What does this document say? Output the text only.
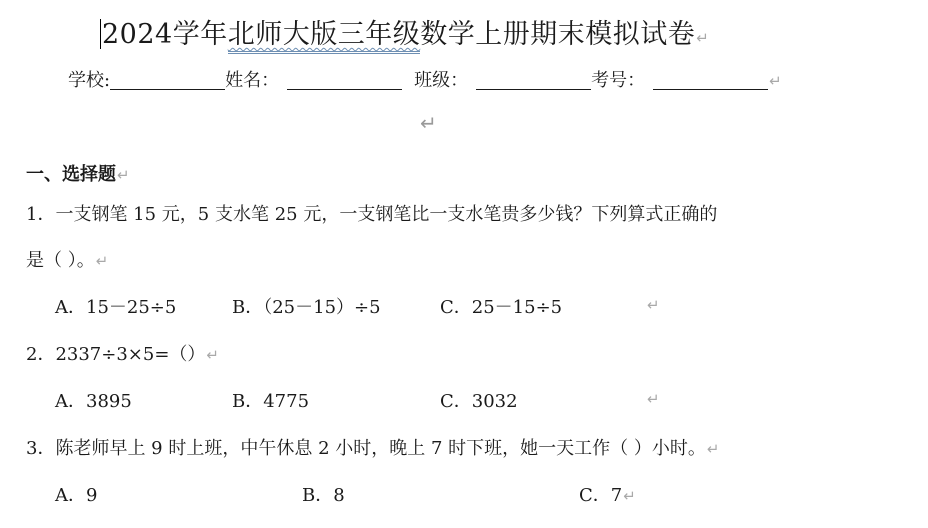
2024学年北师大版三年级数学上册期末模拟试卷↵
学校:	姓名：	班级：	考号：	↵
↵
一、选择题↵
1．一支钢笔 15 元，5 支水笔 25 元，一支钢笔比一支水笔贵多少钱？下列算式正确的
是（ ）。↵
A．15－25÷5	B．（25－15）÷5	C．25－15÷5	↵
2．2337÷3×5=（）↵
A．3895	B．4775	C．3032	↵
3．陈老师早上 9 时上班，中午休息 2 小时，晚上 7 时下班，她一天工作（ ）小时。↵
A．9	B．8	C．7↵
